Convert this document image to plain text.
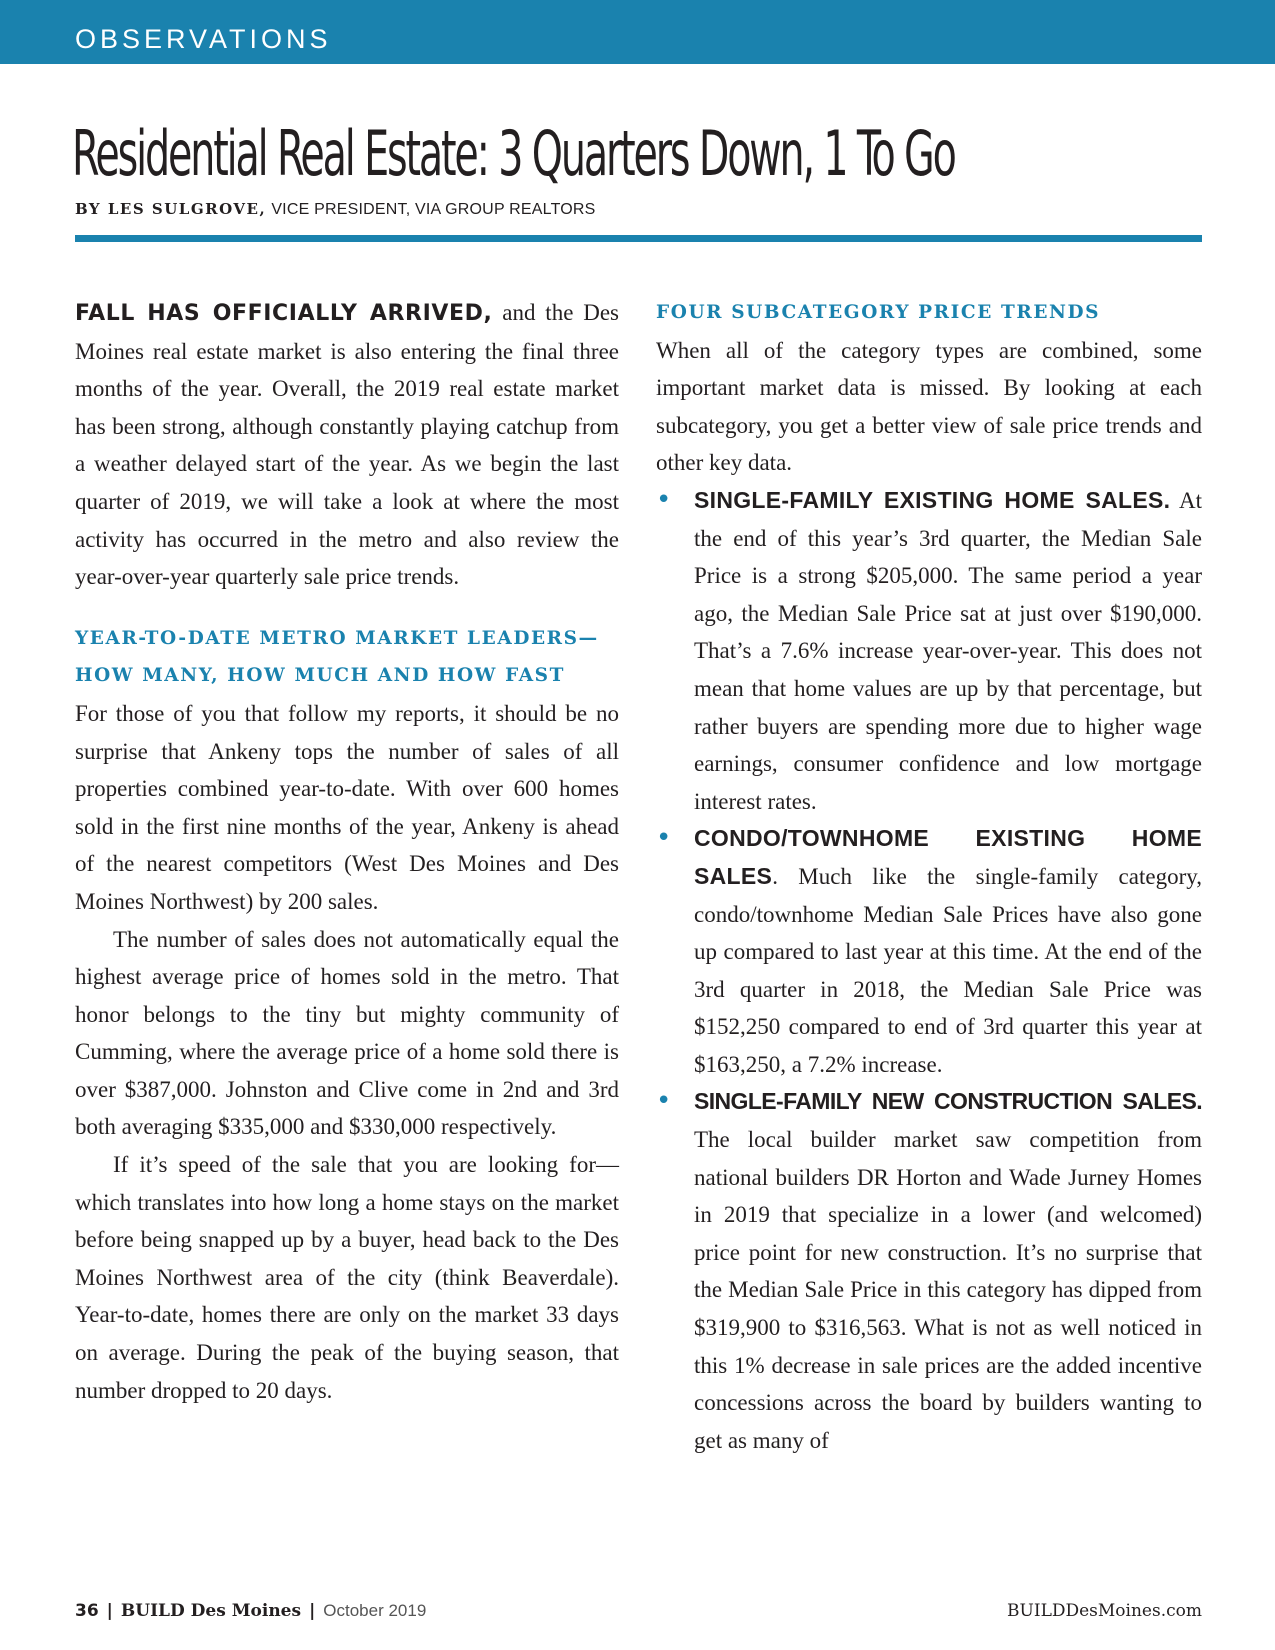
OBSERVATIONS
Residential Real Estate: 3 Quarters Down, 1 To Go
BY LES SULGROVE, VICE PRESIDENT, VIA GROUP REALTORS

FALL HAS OFFICIALLY ARRIVED, and the Des Moines real estate market is also entering the final three months of the year. Overall, the 2019 real estate market has been strong, although constantly playing catchup from a weather delayed start of the year. As we begin the last quarter of 2019, we will take a look at where the most activity has occurred in the metro and also review the year-over-year quarterly sale price trends.

YEAR-TO-DATE METRO MARKET LEADERS—
HOW MANY, HOW MUCH AND HOW FAST

For those of you that follow my reports, it should be no surprise that Ankeny tops the number of sales of all properties combined year-to-date. With over 600 homes sold in the first nine months of the year, Ankeny is ahead of the nearest competitors (West Des Moines and Des Moines Northwest) by 200 sales.

The number of sales does not automatically equal the highest average price of homes sold in the metro. That honor belongs to the tiny but mighty community of Cumming, where the average price of a home sold there is over $387,000. Johnston and Clive come in 2nd and 3rd both averaging $335,000 and $330,000 respectively.

If it’s speed of the sale that you are looking for—which translates into how long a home stays on the market before being snapped up by a buyer, head back to the Des Moines Northwest area of the city (think Beaverdale). Year-to-date, homes there are only on the market 33 days on average. During the peak of the buying season, that number dropped to 20 days.

FOUR SUBCATEGORY PRICE TRENDS

When all of the category types are combined, some important market data is missed. By looking at each subcategory, you get a better view of sale price trends and other key data.

• SINGLE-FAMILY EXISTING HOME SALES. At the end of this year’s 3rd quarter, the Median Sale Price is a strong $205,000. The same period a year ago, the Median Sale Price sat at just over $190,000. That’s a 7.6% increase year-over-year. This does not mean that home values are up by that percentage, but rather buyers are spending more due to higher wage earnings, consumer confidence and low mortgage interest rates.
• CONDO/TOWNHOME EXISTING HOME SALES. Much like the single-family category, condo/townhome Median Sale Prices have also gone up compared to last year at this time. At the end of the 3rd quarter in 2018, the Median Sale Price was $152,250 compared to end of 3rd quarter this year at $163,250, a 7.2% increase.
• SINGLE-FAMILY NEW CONSTRUCTION SALES. The local builder market saw competition from national builders DR Horton and Wade Jurney Homes in 2019 that specialize in a lower (and welcomed) price point for new construction. It’s no surprise that the Median Sale Price in this category has dipped from $319,900 to $316,563. What is not as well noticed in this 1% decrease in sale prices are the added incentive concessions across the board by builders wanting to get as many of
36 | BUILD Des Moines | October 2019	BUILDDesMoines.com
